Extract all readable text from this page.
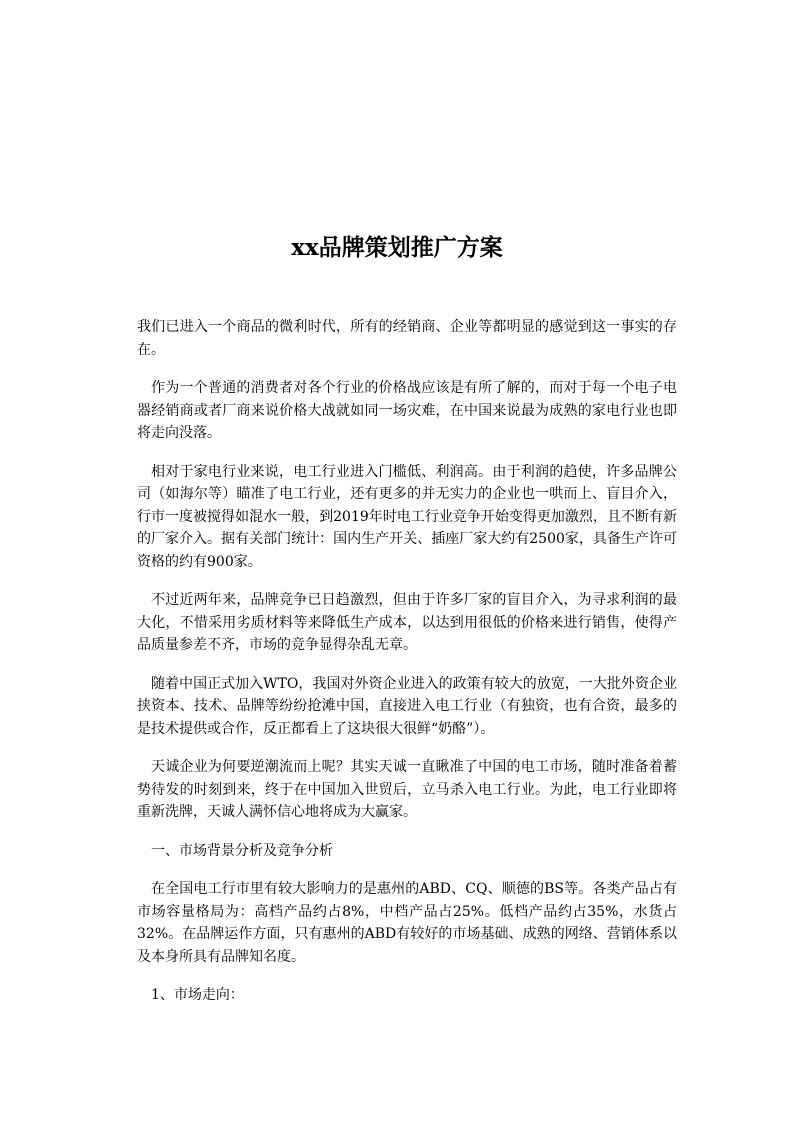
xx品牌策划推广方案

我们已进入一个商品的微利时代，所有的经销商、企业等都明显的感觉到这一事实的存在。

作为一个普通的消费者对各个行业的价格战应该是有所了解的，而对于每一个电子电器经销商或者厂商来说价格大战就如同一场灾难，在中国来说最为成熟的家电行业也即将走向没落。

相对于家电行业来说，电工行业进入门槛低、利润高。由于利润的趋使，许多品牌公司（如海尔等）瞄准了电工行业，还有更多的并无实力的企业也一哄而上、盲目介入，行市一度被搅得如混水一般，到2019年时电工行业竞争开始变得更加激烈，且不断有新的厂家介入。据有关部门统计：国内生产开关、插座厂家大约有2500家，具备生产许可资格的约有900家。

不过近两年来，品牌竞争已日趋激烈，但由于许多厂家的盲目介入，为寻求利润的最大化，不惜采用劣质材料等来降低生产成本，以达到用很低的价格来进行销售，使得产品质量参差不齐，市场的竞争显得杂乱无章。

随着中国正式加入WTO，我国对外资企业进入的政策有较大的放宽，一大批外资企业挟资本、技术、品牌等纷纷抢滩中国，直接进入电工行业（有独资，也有合资，最多的是技术提供或合作，反正都看上了这块很大很鲜“奶酪”）。

天诚企业为何要逆潮流而上呢？其实天诚一直瞅准了中国的电工市场，随时准备着蓄势待发的时刻到来，终于在中国加入世贸后，立马杀入电工行业。为此，电工行业即将重新洗牌，天诚人满怀信心地将成为大赢家。

一、市场背景分析及竞争分析

在全国电工行市里有较大影响力的是惠州的ABD、CQ、顺德的BS等。各类产品占有市场容量格局为：高档产品约占8%，中档产品占25%。低档产品约占35%，水货占32%。在品牌运作方面，只有惠州的ABD有较好的市场基础、成熟的网络、营销体系以及本身所具有品牌知名度。

1、市场走向：
